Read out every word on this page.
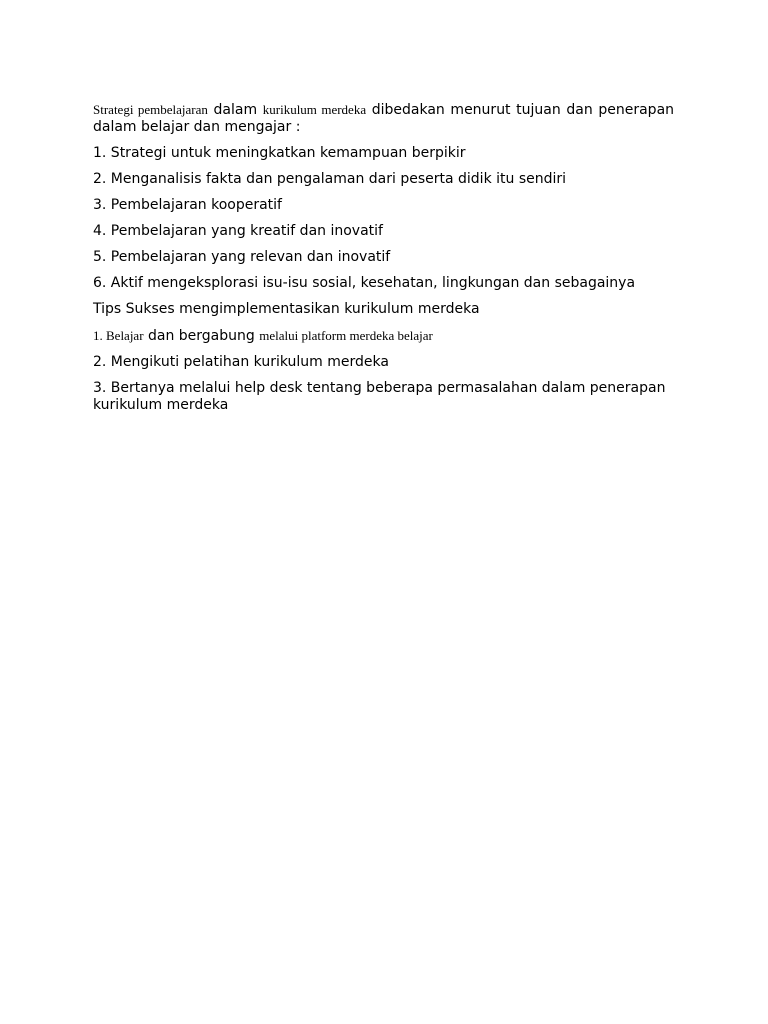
Strategi pembelajaran dalam kurikulum merdeka dibedakan menurut tujuan dan penerapan dalam belajar dan mengajar :

1. Strategi untuk meningkatkan kemampuan berpikir

2. Menganalisis fakta dan pengalaman dari peserta didik itu sendiri

3. Pembelajaran kooperatif

4. Pembelajaran yang kreatif dan inovatif

5. Pembelajaran yang relevan dan inovatif

6. Aktif mengeksplorasi isu-isu sosial, kesehatan, lingkungan dan sebagainya

Tips Sukses mengimplementasikan kurikulum merdeka

1. Belajar dan bergabung melalui platform merdeka belajar

2. Mengikuti pelatihan kurikulum merdeka

3. Bertanya melalui help desk tentang beberapa permasalahan dalam penerapan kurikulum merdeka
